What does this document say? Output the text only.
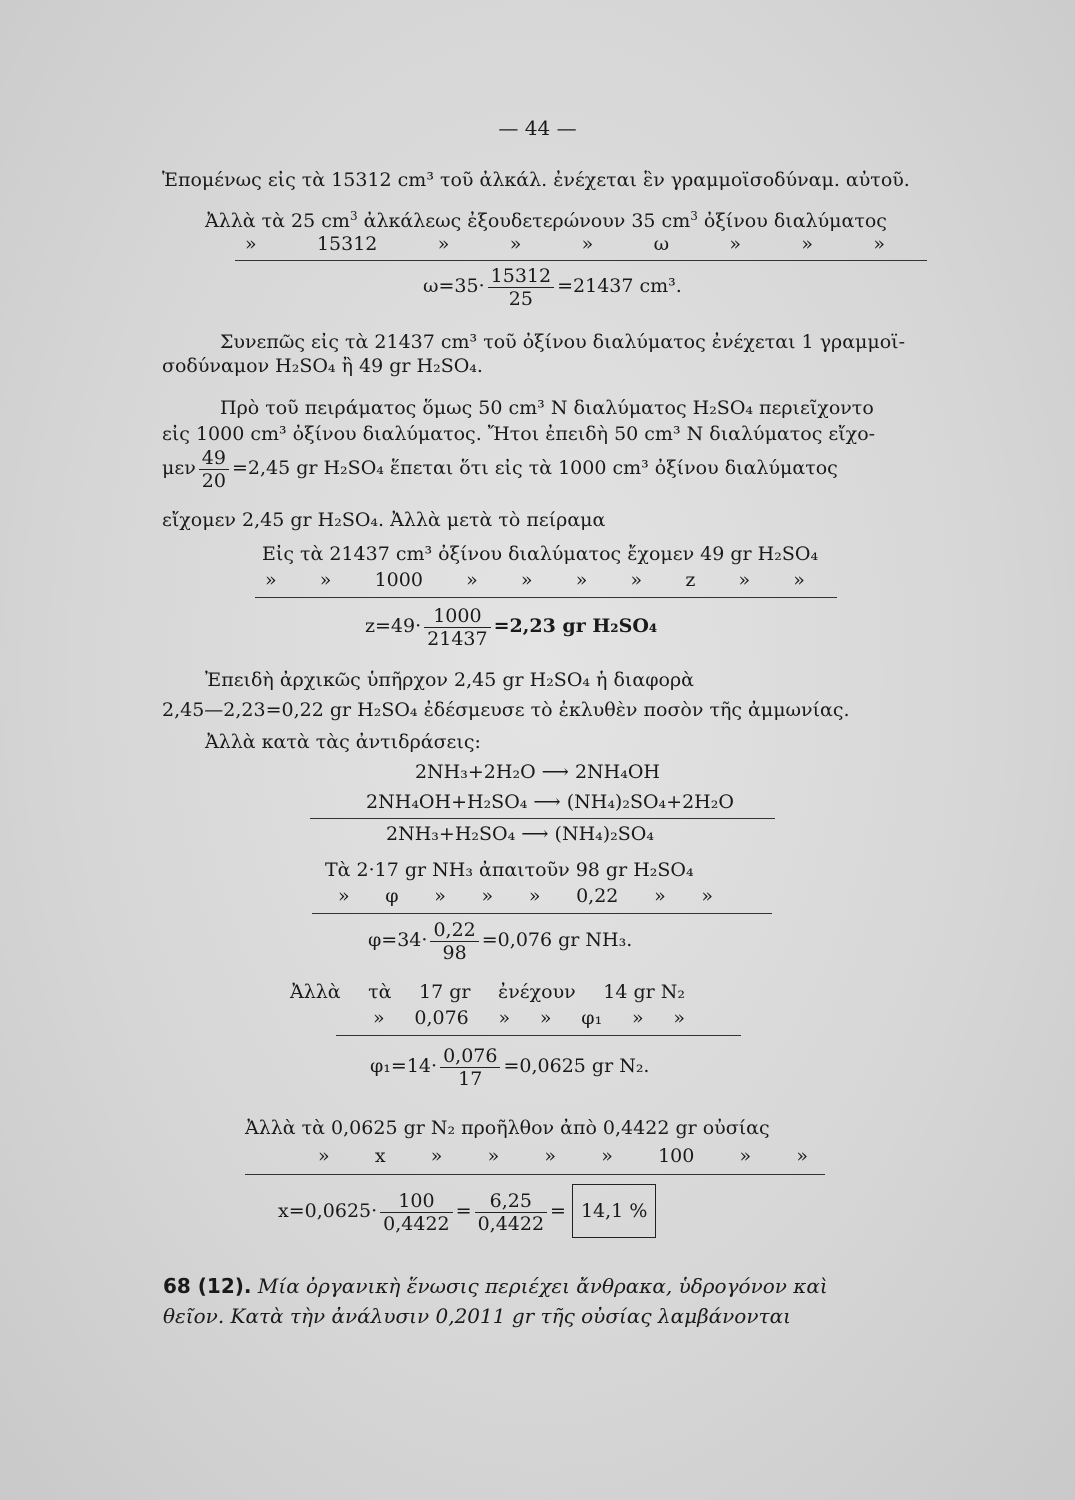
— 44 —
Ἑπομένως εἰς τὰ 15312 cm³ τοῦ ἀλκάλ. ἐνέχεται ἓν γραμμοϊσοδύναμ. αὐτοῦ.
Ἀλλὰ τὰ 25 $cm^3$ ἀλκάλεως ἐξουδετερώνουν 35 $cm^3$ ὀξίνου διαλύματος
»	15312	»	»	»	ω	»	»	»
$\omega=35\cdot \frac{15312}{25} =21437$ cm³.
Συνεπῶς εἰς τὰ 21437 cm³ τοῦ ὀξίνου διαλύματος ἐνέχεται 1 γραμμοϊ-
σοδύναμον H₂SO₄ ἢ 49 gr H₂SO₄.
Πρὸ τοῦ πειράματος ὅμως 50 cm³ N διαλύματος H₂SO₄ περιεῖχοντο
εἰς 1000 cm³ ὀξίνου διαλύματος. Ἤτοι ἐπειδὴ 50 cm³ N διαλύματος εἴχο-
μεν $\frac{49}{20} =2,45$ gr H₂SO₄ ἕπεται ὅτι εἰς τὰ 1000 cm³ ὀξίνου διαλύματος
εἴχομεν 2,45 gr H₂SO₄. Ἀλλὰ μετὰ τὸ πείραμα
Εἰς τὰ 21437 cm³ ὀξίνου διαλύματος ἔχομεν 49 gr H₂SO₄
» » 1000 » » » » z » »
$z=49\cdot \frac{1000}{21437} =2,23$ gr H₂SO₄
Ἐπειδὴ ἀρχικῶς ὑπῆρχον 2,45 gr H₂SO₄ ἡ διαφορὰ
2,45—2,23=0,22 gr H₂SO₄ ἐδέσμευσε τὸ ἐκλυθὲν ποσὸν τῆς ἀμμωνίας.
Ἀλλὰ κατὰ τὰς ἀντιδράσεις:
2NH₃+2H₂O ⟶ 2NH₄OH
2NH₄OH+H₂SO₄ ⟶ (NH₄)₂SO₄+2H₂O
2NH₃+H₂SO₄ ⟶ (NH₄)₂SO₄
Τὰ 2·17 gr NH₃ ἀπαιτοῦν 98 gr H₂SO₄
» φ » » » 0,22 » »
$\varphi=34\cdot \frac{0,22}{98} =0,076$ gr NH₃.
Ἀλλὰ τὰ 17 gr ἐνέχουν 14 gr N₂
» 0,076 » » φ₁ » »
$\varphi_1=14\cdot \frac{0,076}{17} =0,0625$ gr N₂.
Ἀλλὰ τὰ 0,0625 gr N₂ προῆλθον ἀπὸ 0,4422 gr οὐσίας
» x » » » » 100 » »
$x=0,0625\cdot \frac{100}{0,4422} = \frac{6,25}{0,4422} = 14,1$ %
68 (12). Μία ὀργανικὴ ἕνωσις περιέχει ἄνθρακα, ὑδρογόνον καὶ
θεῖον. Κατὰ τὴν ἀνάλυσιν 0,2011 gr τῆς οὐσίας λαμβάνονται
